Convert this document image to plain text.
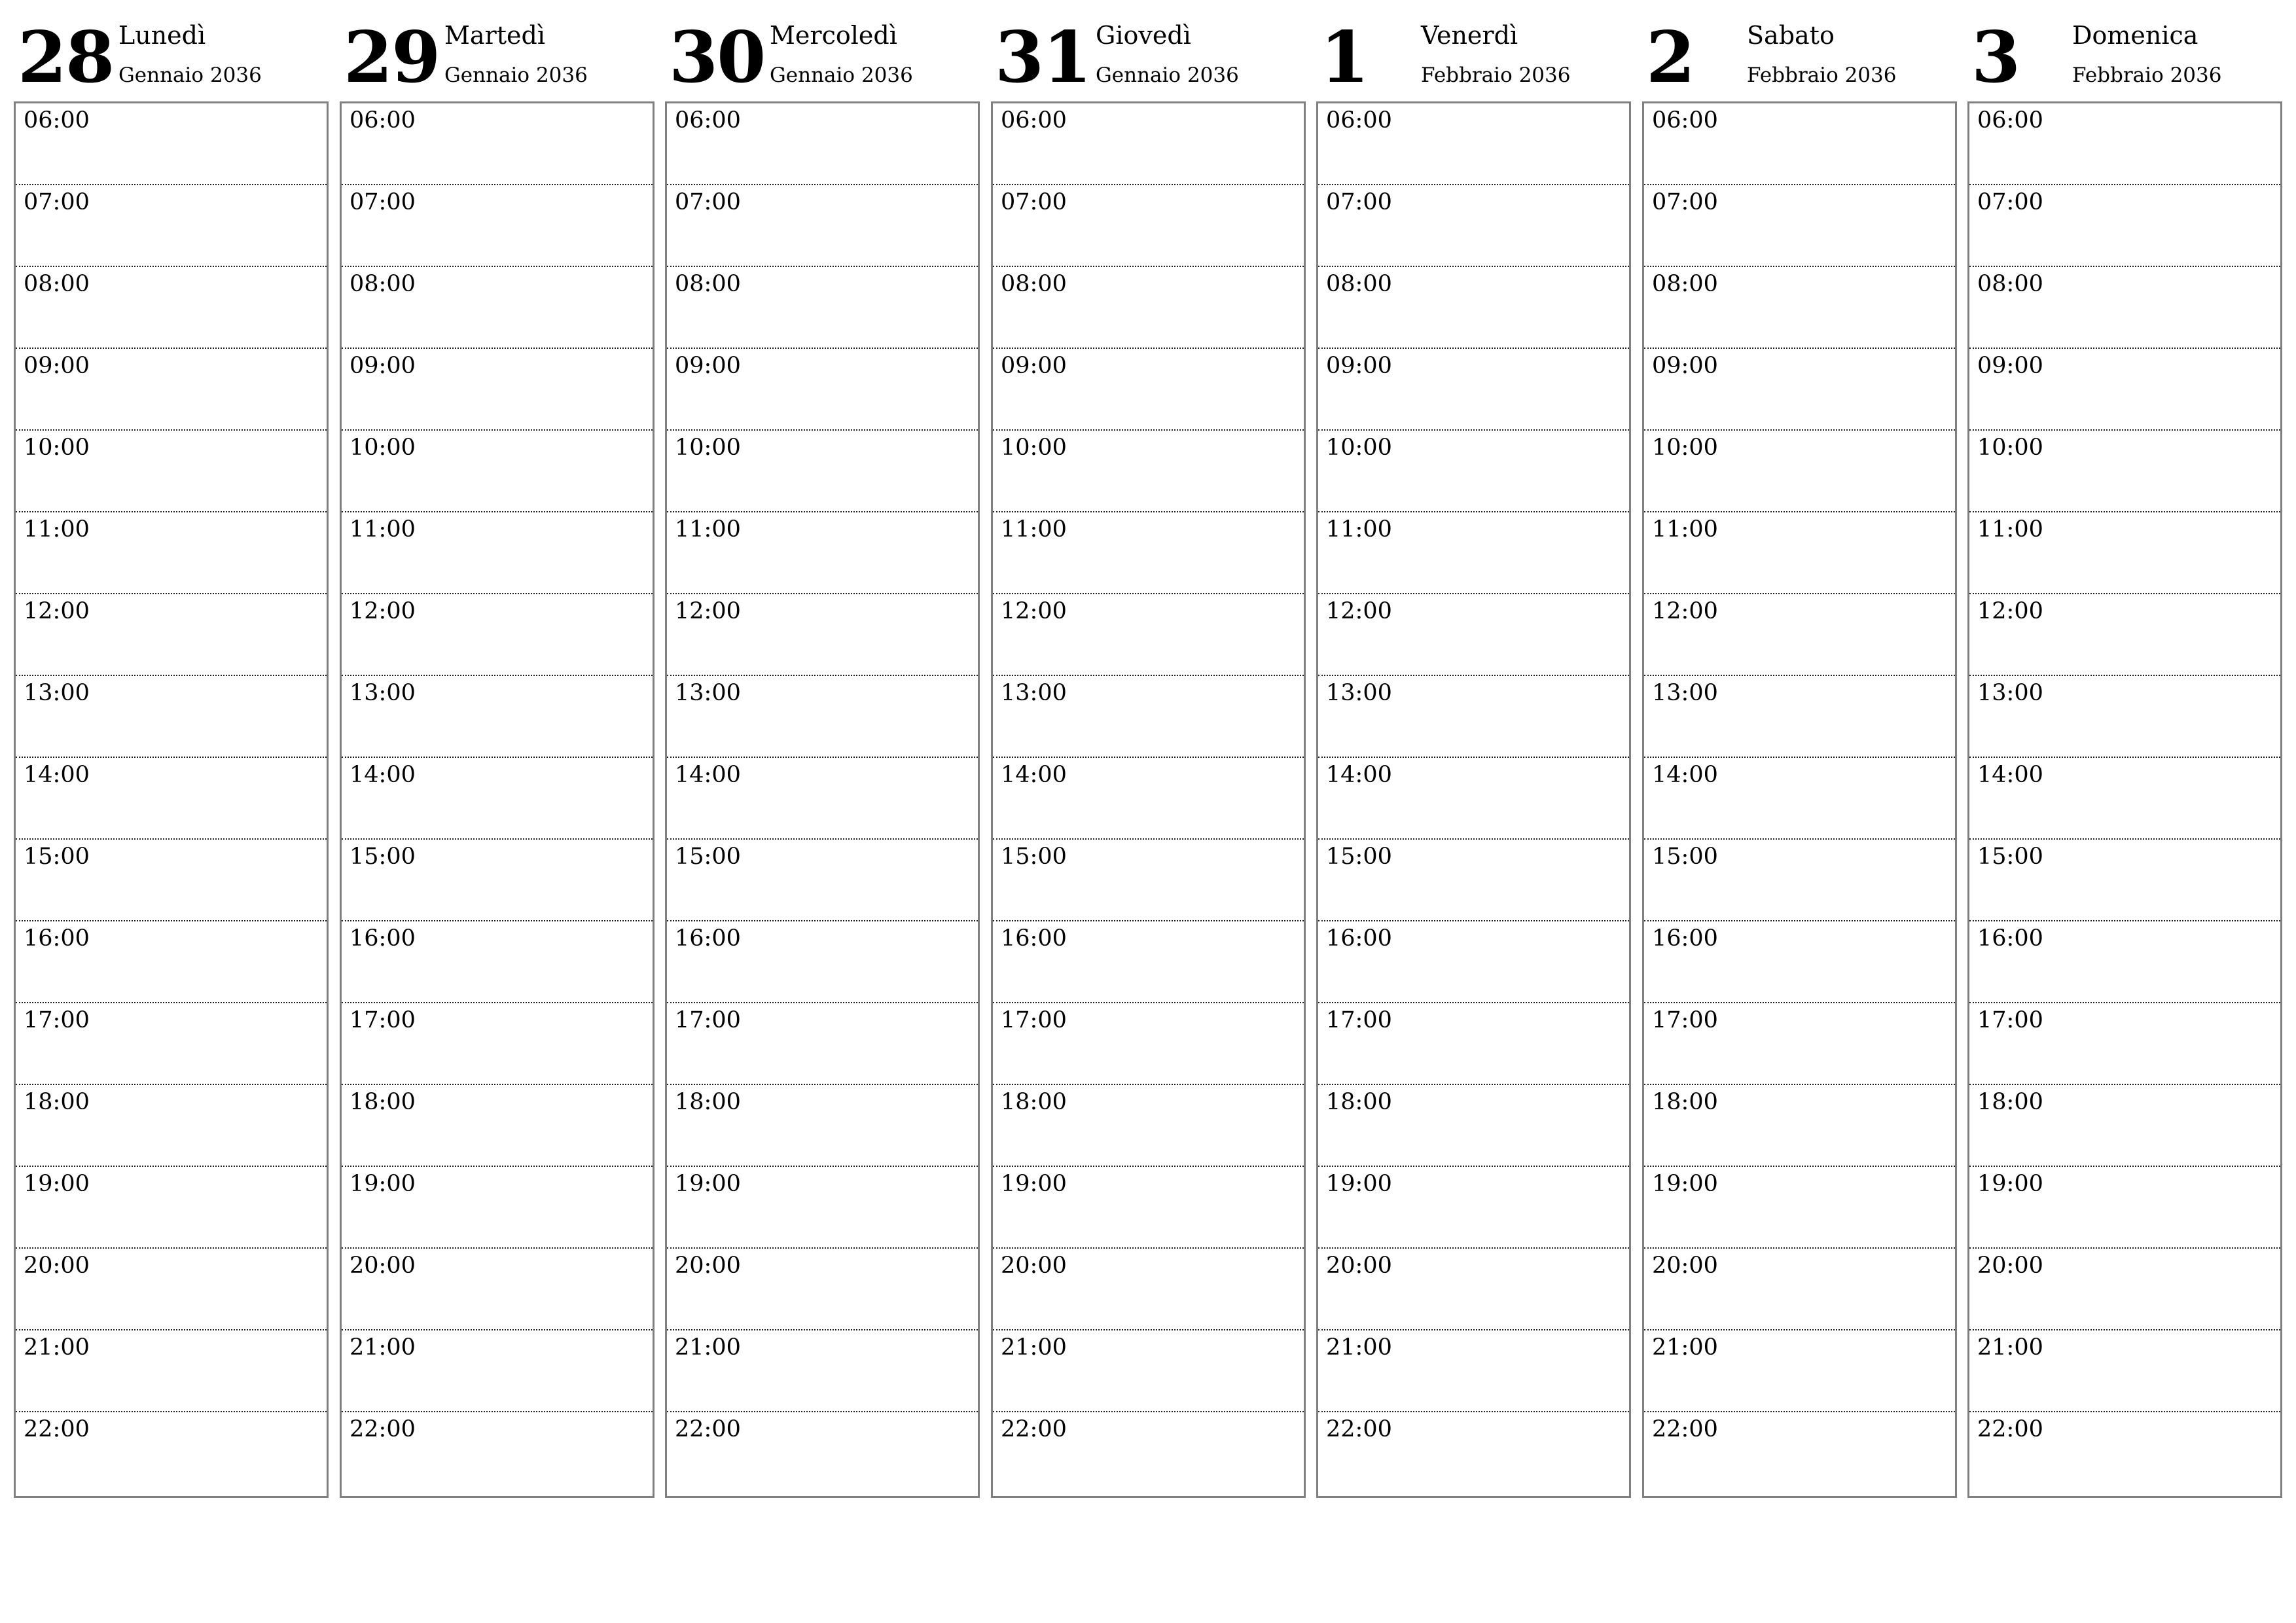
28 Lunedì
Gennaio 2036
06:00
07:00
08:00
09:00
10:00
11:00
12:00
13:00
14:00
15:00
16:00
17:00
18:00
19:00
20:00
21:00
22:00
29 Martedì
Gennaio 2036
06:00
07:00
08:00
09:00
10:00
11:00
12:00
13:00
14:00
15:00
16:00
17:00
18:00
19:00
20:00
21:00
22:00
30 Mercoledì
Gennaio 2036
06:00
07:00
08:00
09:00
10:00
11:00
12:00
13:00
14:00
15:00
16:00
17:00
18:00
19:00
20:00
21:00
22:00
31 Giovedì
Gennaio 2036
06:00
07:00
08:00
09:00
10:00
11:00
12:00
13:00
14:00
15:00
16:00
17:00
18:00
19:00
20:00
21:00
22:00
1 Venerdì
Febbraio 2036
06:00
07:00
08:00
09:00
10:00
11:00
12:00
13:00
14:00
15:00
16:00
17:00
18:00
19:00
20:00
21:00
22:00
2 Sabato
Febbraio 2036
06:00
07:00
08:00
09:00
10:00
11:00
12:00
13:00
14:00
15:00
16:00
17:00
18:00
19:00
20:00
21:00
22:00
3 Domenica
Febbraio 2036
06:00
07:00
08:00
09:00
10:00
11:00
12:00
13:00
14:00
15:00
16:00
17:00
18:00
19:00
20:00
21:00
22:00
